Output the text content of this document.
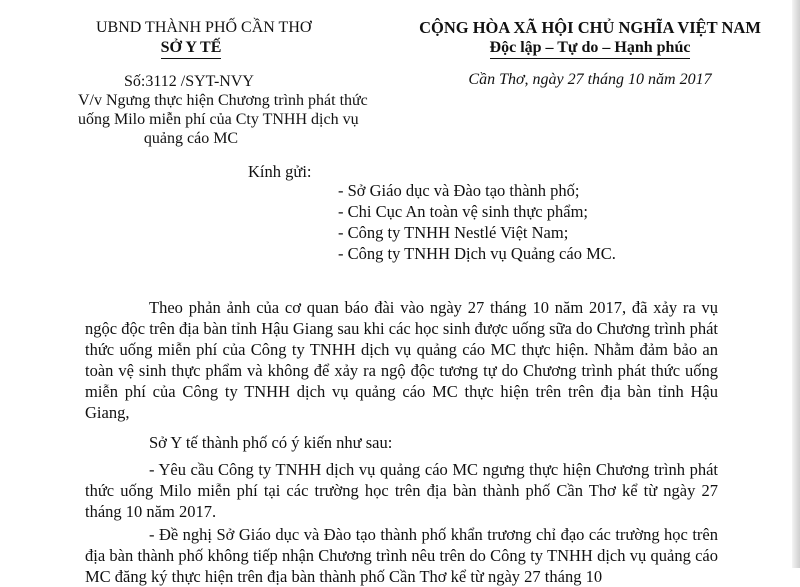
UBND THÀNH PHỐ CẦN THƠ
SỞ Y TẾ
Số:3112 /SYT-NVY
V/v Ngưng thực hiện Chương trình phát thức
uống Milo miễn phí của Cty TNHH dịch vụ
quảng cáo MC
CỘNG HÒA XÃ HỘI CHỦ NGHĨA VIỆT NAM
Độc lập – Tự do – Hạnh phúc
Cần Thơ, ngày 27 tháng 10 năm 2017
Kính gửi:
- Sở Giáo dục và Đào tạo thành phố;
- Chi Cục An toàn vệ sinh thực phẩm;
- Công ty TNHH Nestlé Việt Nam;
- Công ty TNHH Dịch vụ Quảng cáo MC.
Theo phản ảnh của cơ quan báo đài vào ngày 27 tháng 10 năm 2017, đã xảy ra vụ ngộc độc trên địa bàn tỉnh Hậu Giang sau khi các học sinh được uống sữa do Chương trình phát thức uống miễn phí của Công ty TNHH dịch vụ quảng cáo MC thực hiện. Nhằm đảm bảo an toàn vệ sinh thực phẩm và không để xảy ra ngộ độc tương tự do Chương trình phát thức uống miễn phí của Công ty TNHH dịch vụ quảng cáo MC thực hiện trên trên địa bàn tỉnh Hậu Giang,
Sở Y tế thành phố có ý kiến như sau:
- Yêu cầu Công ty TNHH dịch vụ quảng cáo MC ngưng thực hiện Chương trình phát thức uống Milo miễn phí tại các trường học trên địa bàn thành phố Cần Thơ kể từ ngày 27 tháng 10 năm 2017.
- Đề nghị Sở Giáo dục và Đào tạo thành phố khẩn trương chỉ đạo các trường học trên địa bàn thành phố không tiếp nhận Chương trình nêu trên do Công ty TNHH dịch vụ quảng cáo MC đăng ký thực hiện trên địa bàn thành phố Cần Thơ kể từ ngày 27 tháng 10
